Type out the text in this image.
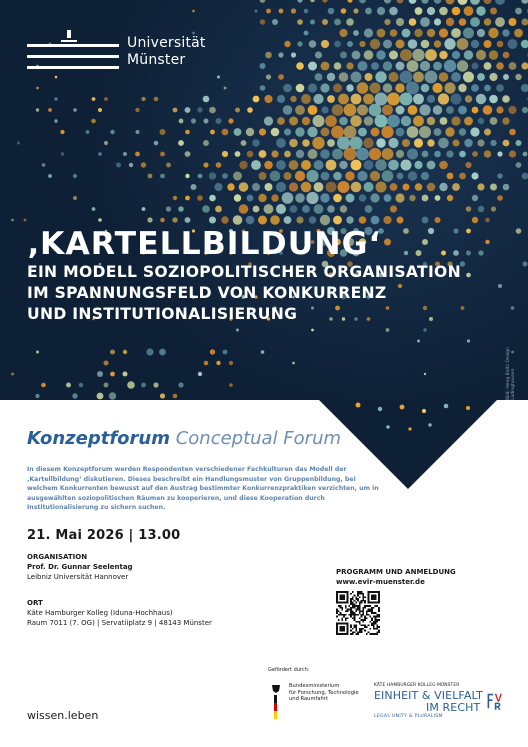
Universität
Münster
‚KARTELLBILDUNG‘
EIN MODELL SOZIOPOLITISCHER ORGANISATION
IM SPANNUNGSFELD VON KONKURRENZ
UND INSTITUTIONALISIERUNG
Bild: Heng Baltz Design Lüdinghausen
Konzeptforum Conceptual Forum
In diesem Konzeptforum werden Respondenten verschiedener Fachkulturen das Modell der ‚Kartellbildung‘ diskutieren. Dieses beschreibt ein Handlungsmuster von Gruppenbildung, bei welchem Konkurrenten bewusst auf den Austrag bestimmter Konkurrenzpraktiken verzichten, um in ausgewählten soziopolitischen Räumen zu kooperieren, und diese Kooperation durch Institutionalisierung zu sichern suchen.
21. Mai 2026 | 13.00
ORGANISATION
Prof. Dr. Gunnar Seelentag
Leibniz Universität Hannover
ORT
Käte Hamburger Kolleg (Iduna-Hochhaus)
Raum 7011 (7. OG) | Servatiiplatz 9 | 48143 Münster
PROGRAMM UND ANMELDUNG
www.evir-muenster.de
Gefördert durch:
Bundesministerium
für Forschung, Technologie
und Raumfahrt
KÄTE HAMBURGER KOLLEG MÜNSTER
EINHEIT & VIELFALT
IM RECHT
LEGAL UNITY & PLURALISM
wissen.leben
